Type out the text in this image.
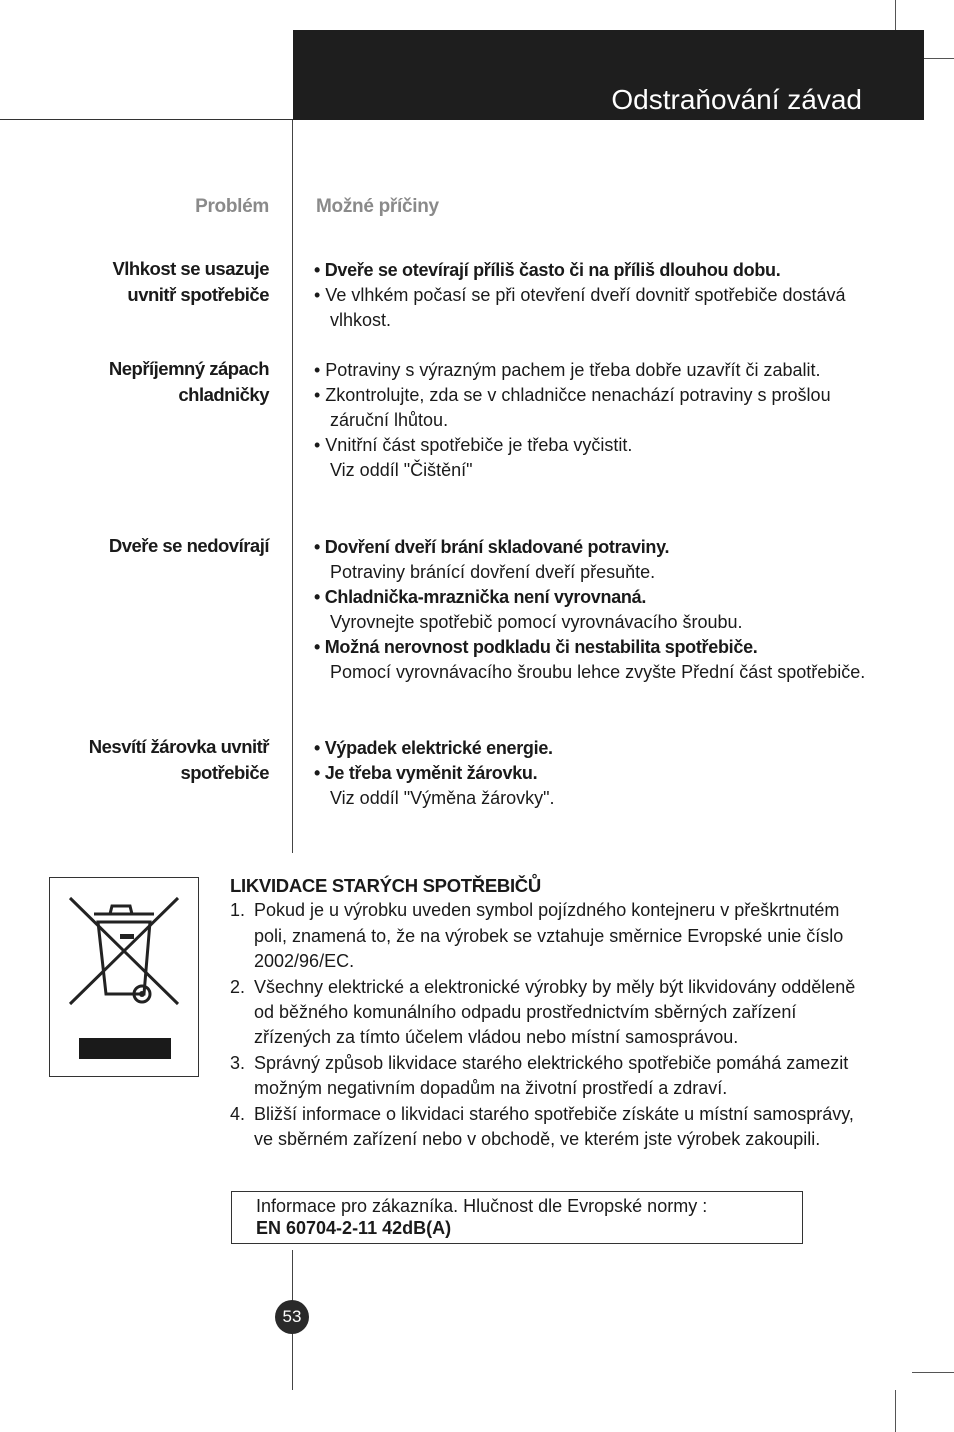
Odstraňování závad
Problém Možné příčiny
Vlhkost se usazuje
uvnitř spotřebiče
• Dveře se otevírají příliš často či na příliš dlouhou dobu.
• Ve vlhkém počasí se při otevření dveří dovnitř spotřebiče dostává vlhkost.
Nepříjemný zápach
chladničky
• Potraviny s výrazným pachem je třeba dobře uzavřít či zabalit.
• Zkontrolujte, zda se v chladničce nenachází potraviny s prošlou záruční lhůtou.
• Vnitřní část spotřebiče je třeba vyčistit.
Viz oddíl "Čištění"
Dveře se nedovírají	• Dovření dveří brání skladované potraviny.
Potraviny bránící dovření dveří přesuňte.
• Chladnička-mraznička není vyrovnaná.
Vyrovnejte spotřebič pomocí vyrovnávacího šroubu.
• Možná nerovnost podkladu či nestabilita spotřebiče.
Pomocí vyrovnávacího šroubu lehce zvyšte Přední část spotřebiče.
Nesvítí žárovka uvnitř
spotřebiče
• Výpadek elektrické energie.
• Je třeba vyměnit žárovku.
Viz oddíl "Výměna žárovky".
LIKVIDACE STARÝCH SPOTŘEBIČŮ
1. Pokud je u výrobku uveden symbol pojízdného kontejneru v přeškrtnutém poli, znamená to, že na výrobek se vztahuje směrnice Evropské unie číslo 2002/96/EC.
2. Všechny elektrické a elektronické výrobky by měly být likvidovány odděleně od běžného komunálního odpadu prostřednictvím sběrných zařízení zřízených za tímto účelem vládou nebo místní samosprávou.
3. Správný způsob likvidace starého elektrického spotřebiče pomáhá zamezit možným negativním dopadům na životní prostředí a zdraví.
4. Bližší informace o likvidaci starého spotřebiče získáte u místní samosprávy, ve sběrném zařízení nebo v obchodě, ve kterém jste výrobek zakoupili.
Informace pro zákazníka. Hlučnost dle Evropské normy :
EN 60704-2-11 42dB(A)
53
